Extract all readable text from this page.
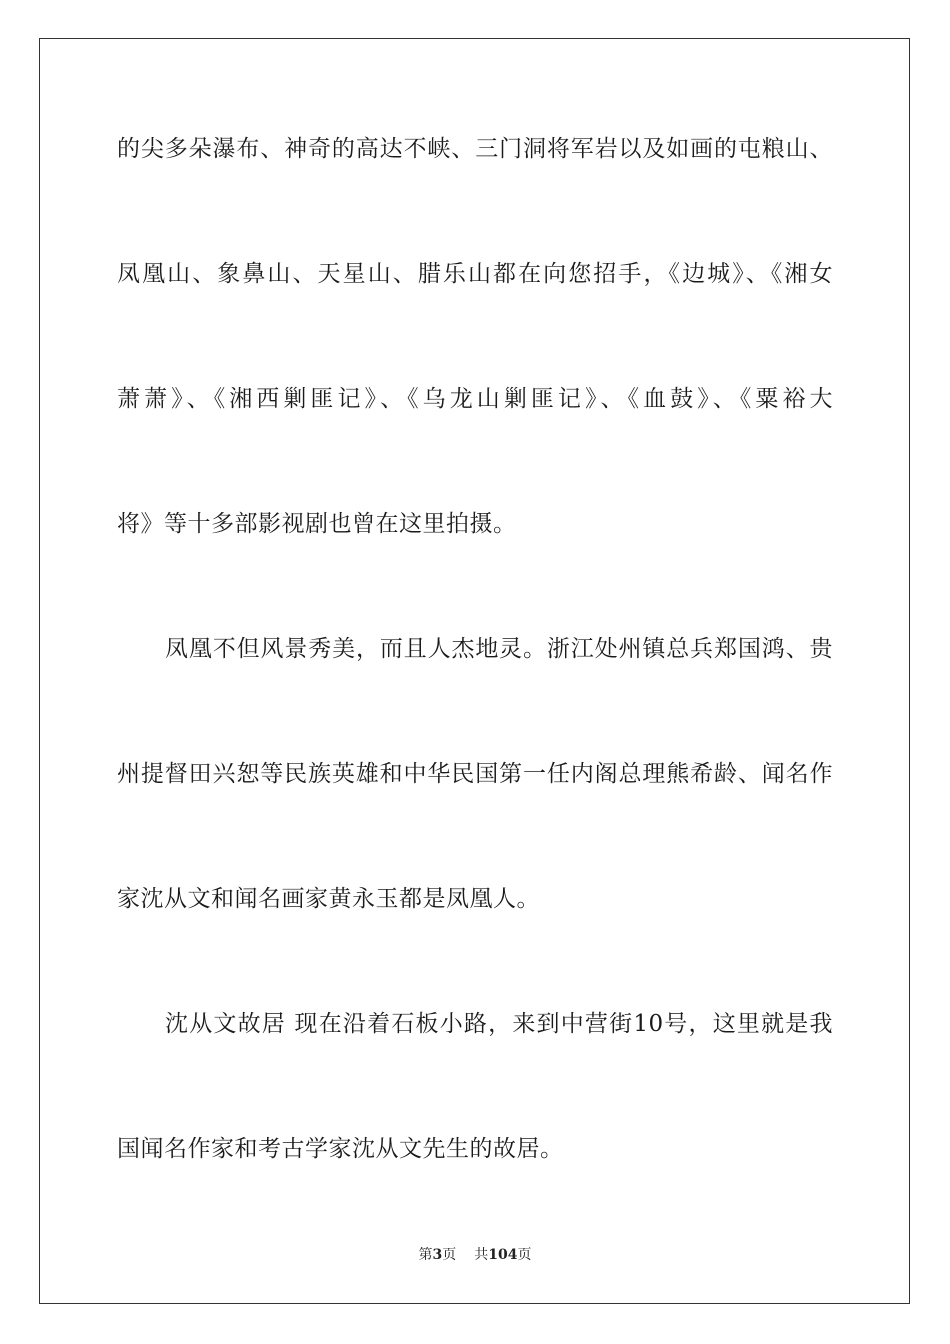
的尖多朵瀑布、神奇的高达不峡、三门洞将军岩以及如画的屯粮山、
凤凰山、象鼻山、天星山、腊乐山都在向您招手，《边城》、《湘女
萧萧》、《湘西剿匪记》、《乌龙山剿匪记》、《血鼓》、《粟裕大
将》等十多部影视剧也曾在这里拍摄。
凤凰不但风景秀美，而且人杰地灵。浙江处州镇总兵郑国鸿、贵
州提督田兴恕等民族英雄和中华民国第一任内阁总理熊希龄、闻名作
家沈从文和闻名画家黄永玉都是凤凰人。
沈从文故居 现在沿着石板小路，来到中营街10号，这里就是我
国闻名作家和考古学家沈从文先生的故居。
第3页 共104页
